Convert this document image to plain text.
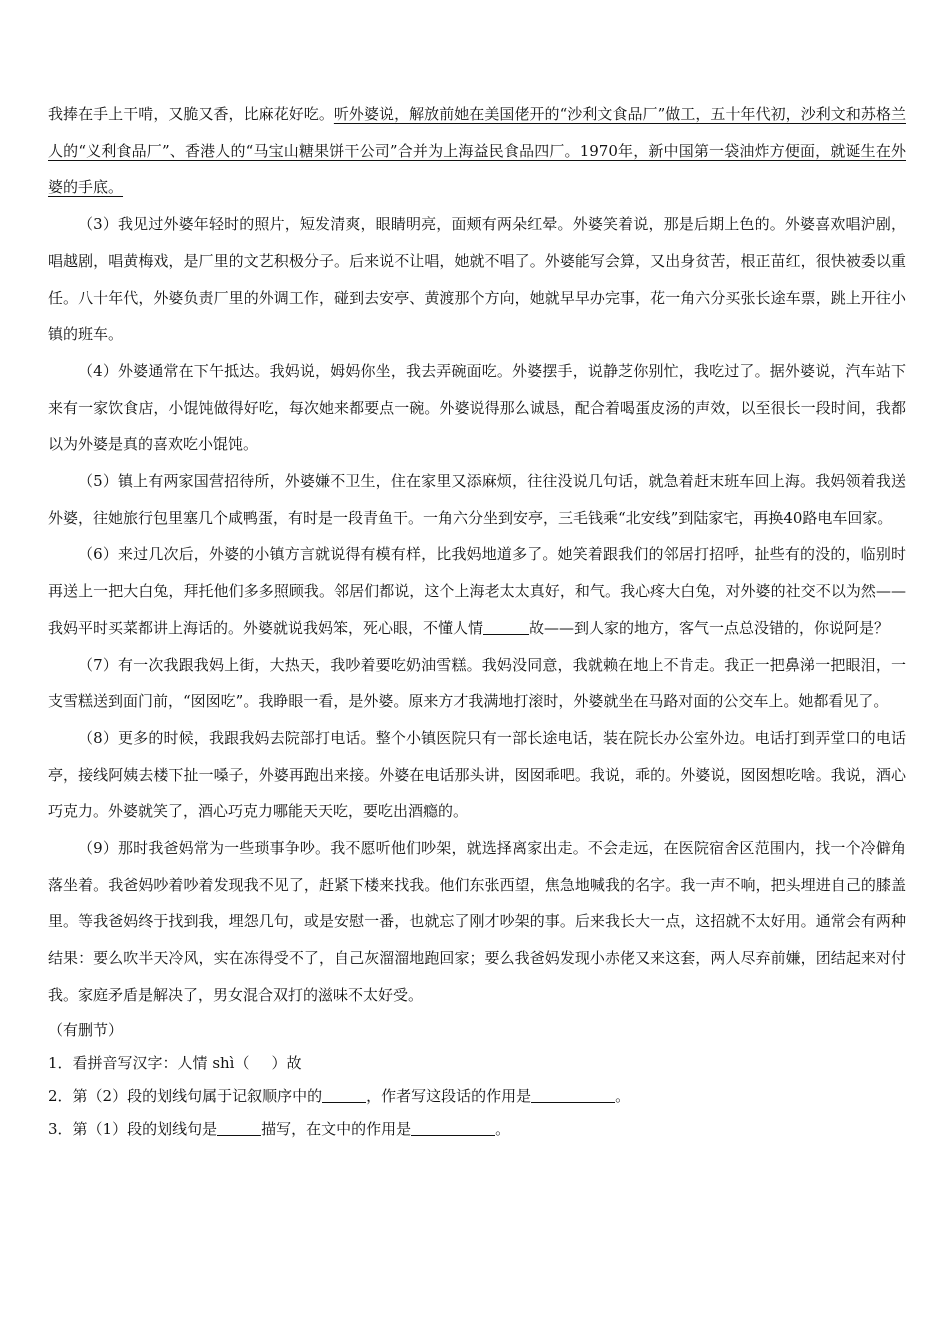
我捧在手上干啃，又脆又香，比麻花好吃。听外婆说，解放前她在美国佬开的“沙利文食品厂”做工，五十年代初，沙利文和苏格兰人的“义利食品厂”、香港人的“马宝山糖果饼干公司”合并为上海益民食品四厂。1970年，新中国第一袋油炸方便面，就诞生在外婆的手底。

（3）我见过外婆年轻时的照片，短发清爽，眼睛明亮，面颊有两朵红晕。外婆笑着说，那是后期上色的。外婆喜欢唱沪剧，唱越剧，唱黄梅戏，是厂里的文艺积极分子。后来说不让唱，她就不唱了。外婆能写会算，又出身贫苦，根正苗红，很快被委以重任。八十年代，外婆负责厂里的外调工作，碰到去安亭、黄渡那个方向，她就早早办完事，花一角六分买张长途车票，跳上开往小镇的班车。

（4）外婆通常在下午抵达。我妈说，姆妈你坐，我去弄碗面吃。外婆摆手，说静芝你别忙，我吃过了。据外婆说，汽车站下来有一家饮食店，小馄饨做得好吃，每次她来都要点一碗。外婆说得那么诚恳，配合着喝蛋皮汤的声效，以至很长一段时间，我都以为外婆是真的喜欢吃小馄饨。

（5）镇上有两家国营招待所，外婆嫌不卫生，住在家里又添麻烦，往往没说几句话，就急着赶末班车回上海。我妈领着我送外婆，往她旅行包里塞几个咸鸭蛋，有时是一段青鱼干。一角六分坐到安亭，三毛钱乘“北安线”到陆家宅，再换40路电车回家。

（6）来过几次后，外婆的小镇方言就说得有模有样，比我妈地道多了。她笑着跟我们的邻居打招呼，扯些有的没的，临别时再送上一把大白兔，拜托他们多多照顾我。邻居们都说，这个上海老太太真好，和气。我心疼大白兔，对外婆的社交不以为然——我妈平时买菜都讲上海话的。外婆就说我妈笨，死心眼，不懂人情	故——到人家的地方，客气一点总没错的，你说阿是？

（7）有一次我跟我妈上街，大热天，我吵着要吃奶油雪糕。我妈没同意，我就赖在地上不肯走。我正一把鼻涕一把眼泪，一支雪糕送到面门前，“囡囡吃”。我睁眼一看，是外婆。原来方才我满地打滚时，外婆就坐在马路对面的公交车上。她都看见了。

（8）更多的时候，我跟我妈去院部打电话。整个小镇医院只有一部长途电话，装在院长办公室外边。电话打到弄堂口的电话亭，接线阿姨去楼下扯一嗓子，外婆再跑出来接。外婆在电话那头讲，囡囡乖吧。我说，乖的。外婆说，囡囡想吃啥。我说，酒心巧克力。外婆就笑了，酒心巧克力哪能天天吃，要吃出酒瘾的。

（9）那时我爸妈常为一些琐事争吵。我不愿听他们吵架，就选择离家出走。不会走远，在医院宿舍区范围内，找一个冷僻角落坐着。我爸妈吵着吵着发现我不见了，赶紧下楼来找我。他们东张西望，焦急地喊我的名字。我一声不响，把头埋进自己的膝盖里。等我爸妈终于找到我，埋怨几句，或是安慰一番，也就忘了刚才吵架的事。后来我长大一点，这招就不太好用。通常会有两种结果：要么吹半天冷风，实在冻得受不了，自己灰溜溜地跑回家；要么我爸妈发现小赤佬又来这套，两人尽弃前嫌，团结起来对付我。家庭矛盾是解决了，男女混合双打的滋味不太好受。

（有删节）

1．看拼音写汉字：人情 shì（ ）故

2．第（2）段的划线句属于记叙顺序中的	，作者写这段话的作用是	。

3．第（1）段的划线句是	描写，在文中的作用是	。
